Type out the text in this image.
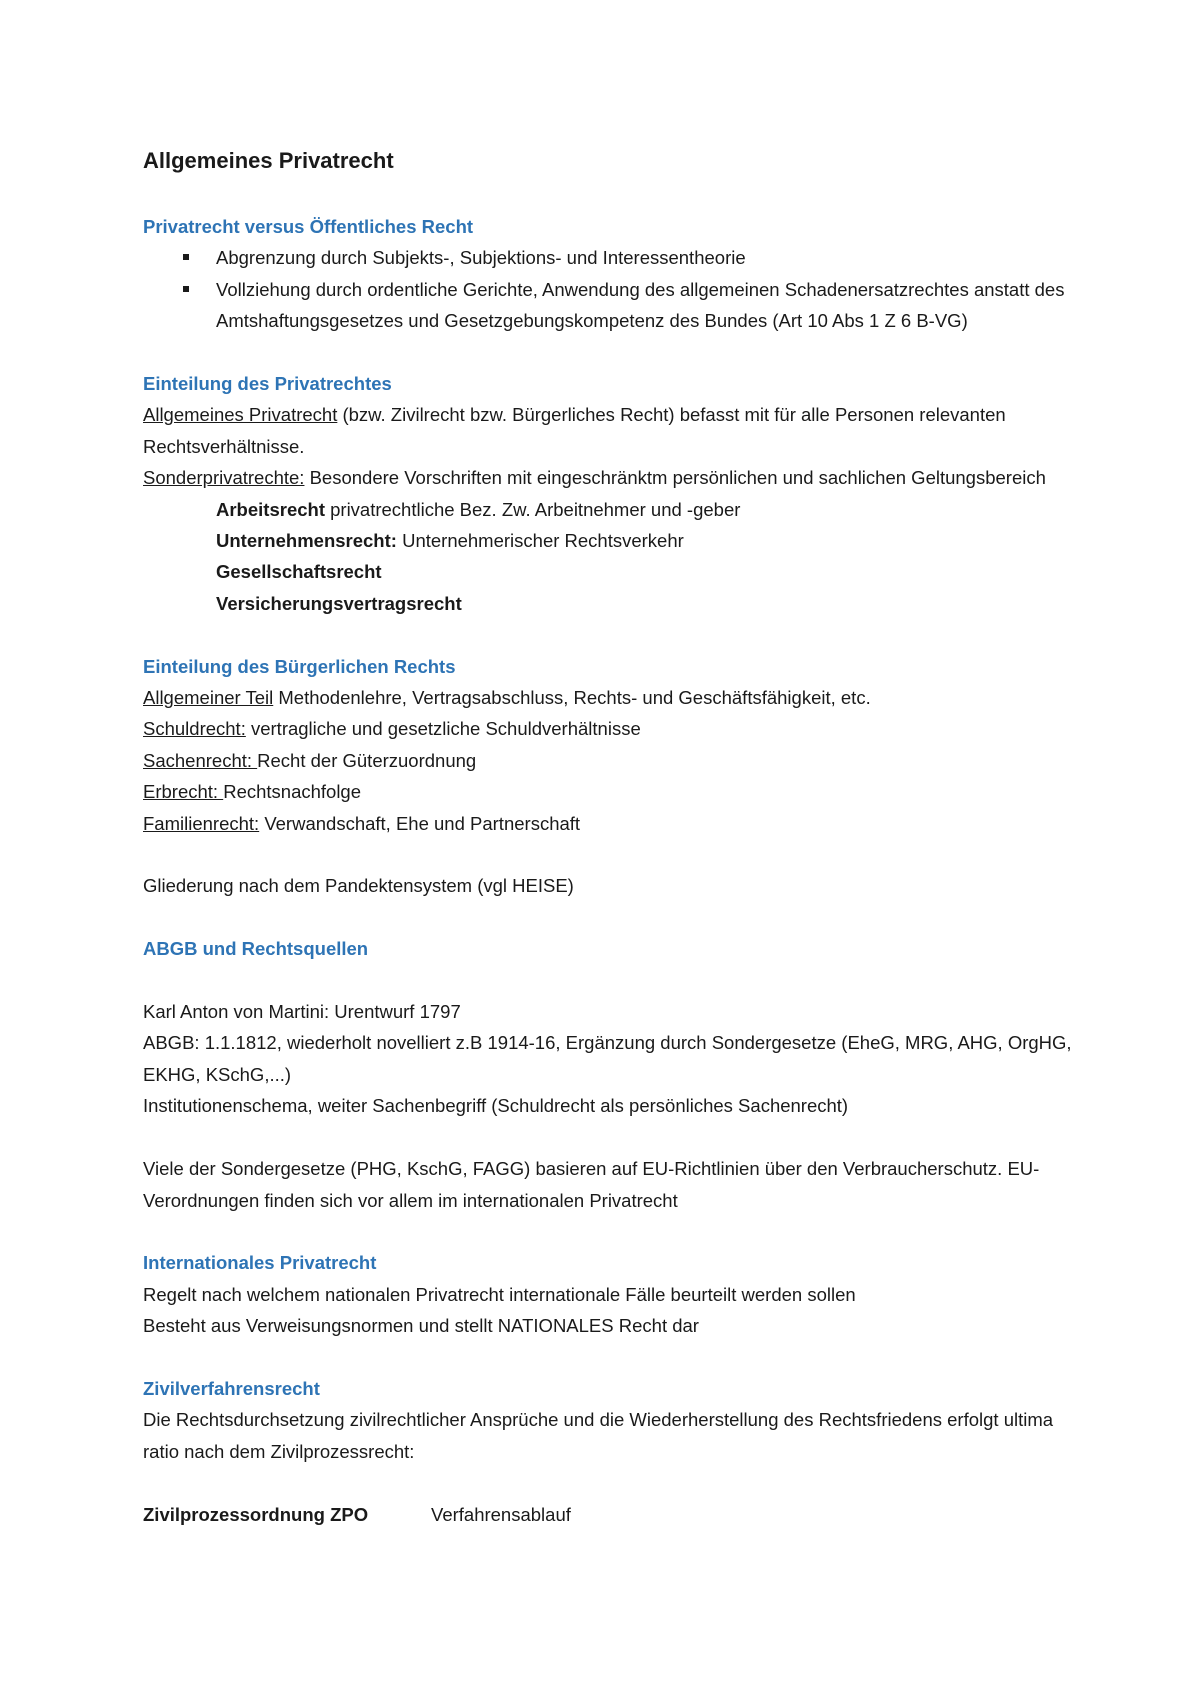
Allgemeines Privatrecht
Privatrecht versus Öffentliches Recht
Abgrenzung durch Subjekts-, Subjektions- und Interessentheorie
Vollziehung durch ordentliche Gerichte, Anwendung des allgemeinen Schadenersatzrechtes anstatt des Amtshaftungsgesetzes und Gesetzgebungskompetenz des Bundes (Art 10 Abs 1 Z 6 B-VG)
Einteilung des Privatrechtes

Allgemeines Privatrecht (bzw. Zivilrecht bzw. Bürgerliches Recht) befasst mit für alle Personen relevanten Rechtsverhältnisse.

Sonderprivatrechte: Besondere Vorschriften mit eingeschränktm persönlichen und sachlichen Geltungsbereich

Arbeitsrecht privatrechtliche Bez. Zw. Arbeitnehmer und -geber

Unternehmensrecht: Unternehmerischer Rechtsverkehr

Gesellschaftsrecht

Versicherungsvertragsrecht

Einteilung des Bürgerlichen Rechts

Allgemeiner Teil Methodenlehre, Vertragsabschluss, Rechts- und Geschäftsfähigkeit, etc.

Schuldrecht: vertragliche und gesetzliche Schuldverhältnisse

Sachenrecht: Recht der Güterzuordnung

Erbrecht: Rechtsnachfolge

Familienrecht: Verwandschaft, Ehe und Partnerschaft

Gliederung nach dem Pandektensystem (vgl HEISE)

ABGB und Rechtsquellen

Karl Anton von Martini: Urentwurf 1797

ABGB: 1.1.1812, wiederholt novelliert z.B 1914-16, Ergänzung durch Sondergesetze (EheG, MRG, AHG, OrgHG, EKHG, KSchG,...)

Institutionenschema, weiter Sachenbegriff (Schuldrecht als persönliches Sachenrecht)

Viele der Sondergesetze (PHG, KschG, FAGG) basieren auf EU-Richtlinien über den Verbraucherschutz. EU-Verordnungen finden sich vor allem im internationalen Privatrecht

Internationales Privatrecht

Regelt nach welchem nationalen Privatrecht internationale Fälle beurteilt werden sollen

Besteht aus Verweisungsnormen und stellt NATIONALES Recht dar

Zivilverfahrensrecht

Die Rechtsdurchsetzung zivilrechtlicher Ansprüche und die Wiederherstellung des Rechtsfriedens erfolgt ultima ratio nach dem Zivilprozessrecht:

Zivilprozessordnung ZPO	Verfahrensablauf
